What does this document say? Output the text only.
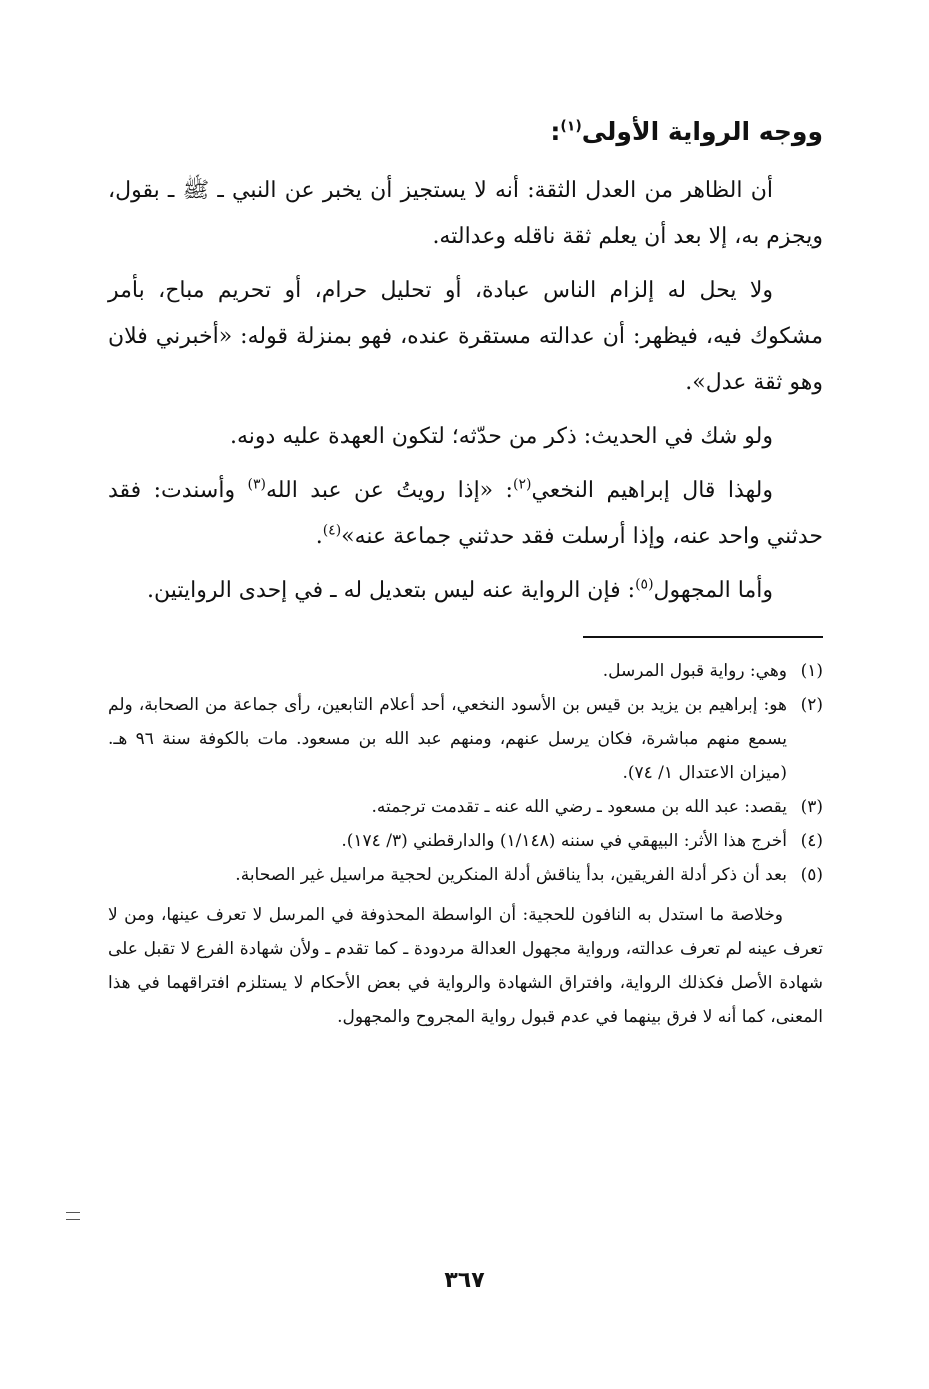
ووجه الرواية الأولى$^{(١)}$:

أن الظاهر من العدل الثقة: أنه لا يستجيز أن يخبر عن النبي ـ ﷺ ـ بقول، ويجزم به، إلا بعد أن يعلم ثقة ناقله وعدالته.

ولا يحل له إلزام الناس عبادة، أو تحليل حرام، أو تحريم مباح، بأمر مشكوك فيه، فيظهر: أن عدالته مستقرة عنده، فهو بمنزلة قوله: «أخبرني فلان وهو ثقة عدل».

ولو شك في الحديث: ذكر من حدّثه؛ لتكون العهدة عليه دونه.

ولهذا قال إبراهيم النخعي$^{(٢)}$: «إذا رويتُ عن عبد الله$^{(٣)}$ وأسندت: فقد حدثني واحد عنه، وإذا أرسلت فقد حدثني جماعة عنه»$^{(٤)}$.

وأما المجهول$^{(٥)}$: فإن الرواية عنه ليس بتعديل له ـ في إحدى الروايتين.

(١)
وهي: رواية قبول المرسل.
(٢)
هو: إبراهيم بن يزيد بن قيس بن الأسود النخعي، أحد أعلام التابعين، رأى جماعة من الصحابة، ولم يسمع منهم مباشرة، فكان يرسل عنهم، ومنهم عبد الله بن مسعود. مات بالكوفة سنة ٩٦ هـ. (ميزان الاعتدال ١/ ٧٤).
(٣)
يقصد: عبد الله بن مسعود ـ رضي الله عنه ـ تقدمت ترجمته.
(٤)
أخرج هذا الأثر: البيهقي في سننه (١/١٤٨) والدارقطني (٣/ ١٧٤).
(٥)
بعد أن ذكر أدلة الفريقين، بدأ يناقش أدلة المنكرين لحجية مراسيل غير الصحابة.
وخلاصة ما استدل به النافون للحجية: أن الواسطة المحذوفة في المرسل لا تعرف عينها، ومن لا تعرف عينه لم تعرف عدالته، ورواية مجهول العدالة مردودة ـ كما تقدم ـ ولأن شهادة الفرع لا تقبل على شهادة الأصل فكذلك الرواية، وافتراق الشهادة والرواية في بعض الأحكام لا يستلزم افتراقهما في هذا المعنى، كما أنه لا فرق بينهما في عدم قبول رواية المجروح والمجهول.
٣٦٧
